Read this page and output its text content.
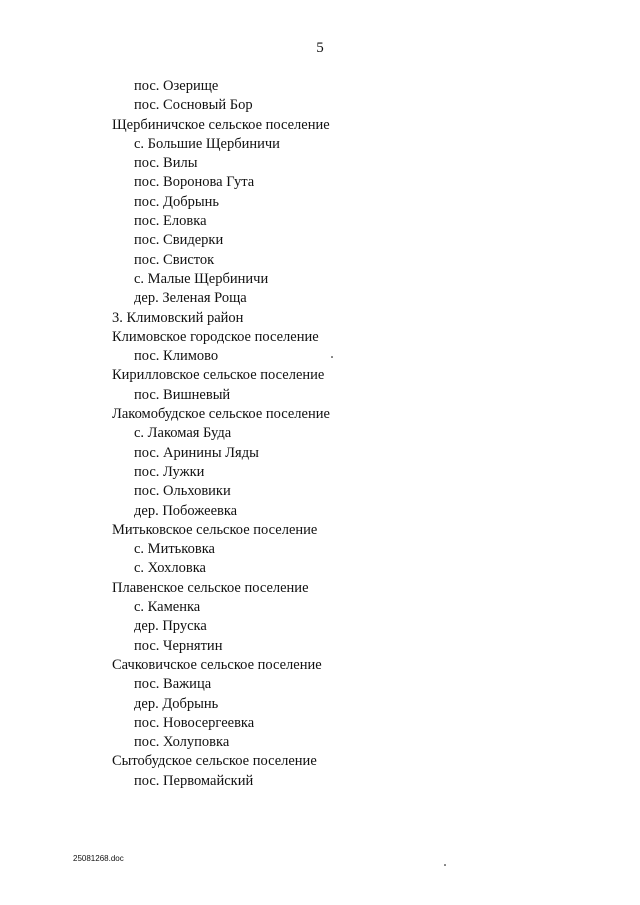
5
пос. Озерище
пос. Сосновый Бор
Щербиничское сельское поселение
с. Большие Щербиничи
пос. Вилы
пос. Воронова Гута
пос. Добрынь
пос. Еловка
пос. Свидерки
пос. Свисток
с. Малые Щербиничи
дер. Зеленая Роща
3. Климовский район
Климовское городское поселение
пос. Климово
Кирилловское сельское поселение
пос. Вишневый
Лакомобудское сельское поселение
с. Лакомая Буда
пос. Аринины Ляды
пос. Лужки
пос. Ольховики
дер. Побожеевка
Митьковское сельское поселение
с. Митьковка
с. Хохловка
Плавенское сельское поселение
с. Каменка
дер. Пруска
пос. Чернятин
Сачковичское сельское поселение
пос. Важица
дер. Добрынь
пос. Новосергеевка
пос. Холуповка
Сытобудское сельское поселение
пос. Первомайский
25081268.doc
